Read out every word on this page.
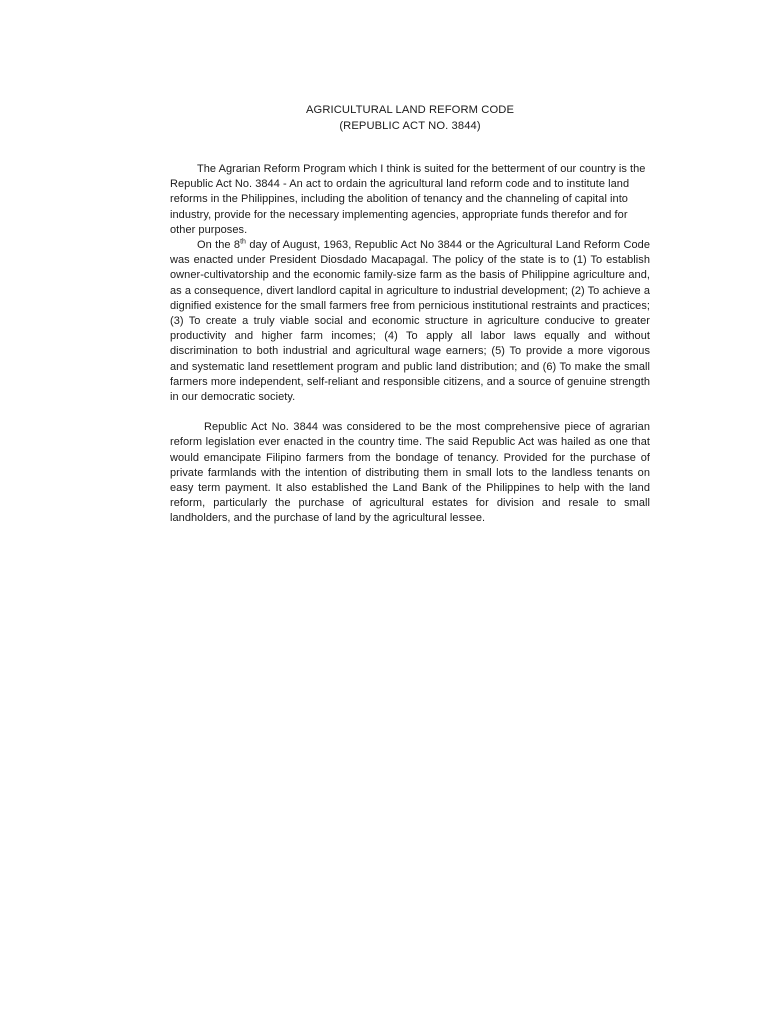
AGRICULTURAL LAND REFORM CODE
(REPUBLIC ACT NO. 3844)

The Agrarian Reform Program which I think is suited for the betterment of our country is the Republic Act No. 3844 - An act to ordain the agricultural land reform code and to institute land reforms in the Philippines, including the abolition of tenancy and the channeling of capital into industry, provide for the necessary implementing agencies, appropriate funds therefor and for other purposes.

On the 8th day of August, 1963, Republic Act No 3844 or the Agricultural Land Reform Code was enacted under President Diosdado Macapagal. The policy of the state is to (1) To establish owner-cultivatorship and the economic family-size farm as the basis of Philippine agriculture and, as a consequence, divert landlord capital in agriculture to industrial development; (2) To achieve a dignified existence for the small farmers free from pernicious institutional restraints and practices; (3) To create a truly viable social and economic structure in agriculture conducive to greater productivity and higher farm incomes; (4) To apply all labor laws equally and without discrimination to both industrial and agricultural wage earners; (5) To provide a more vigorous and systematic land resettlement program and public land distribution; and (6) To make the small farmers more independent, self-reliant and responsible citizens, and a source of genuine strength in our democratic society.

Republic Act No. 3844 was considered to be the most comprehensive piece of agrarian reform legislation ever enacted in the country time. The said Republic Act was hailed as one that would emancipate Filipino farmers from the bondage of tenancy. Provided for the purchase of private farmlands with the intention of distributing them in small lots to the landless tenants on easy term payment. It also established the Land Bank of the Philippines to help with the land reform, particularly the purchase of agricultural estates for division and resale to small landholders, and the purchase of land by the agricultural lessee.
